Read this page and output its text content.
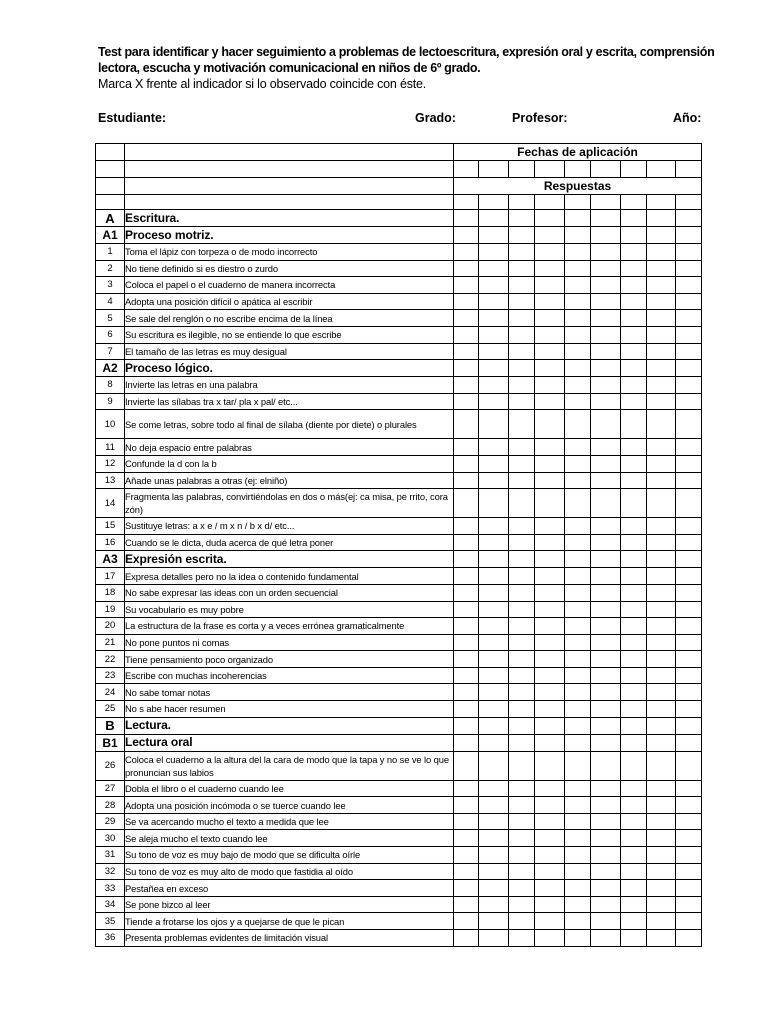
Test para identificar y hacer seguimiento a problemas de lectoescritura, expresión oral y escrita, comprensión lectora, escucha y motivación comunicacional en niños de 6º grado.
Marca X frente al indicador si lo observado coincide con éste.
Estudiante:	Grado:	Profesor:	Año:
		Fechas de aplicación								

		Respuestas								

A	Escritura.									
A1	Proceso motriz.									
1	Toma el lápiz con torpeza o de modo incorrecto									
2	No tiene definido si es diestro o zurdo									
3	Coloca el papel o el cuaderno de manera incorrecta									
4	Adopta una posición difícil o apática al escribir									
5	Se sale del renglón o no escribe encima de la línea									
6	Su escritura es ilegible, no se entiende lo que escribe									
7	El tamaño de las letras es muy desigual									
A2	Proceso lógico.									
8	Invierte las letras en una palabra									
9	Invierte las sílabas tra x tar/ pla x pal/ etc...									
10	Se come letras, sobre todo al final de sílaba (diente por diete) o plurales									
11	No deja espacio entre palabras									
12	Confunde la d con la b									
13	Añade unas palabras a otras (ej: elniño)									
14	Fragmenta las palabras, convirtiéndolas en dos o más(ej: ca misa, pe rrito, cora zón)									
15	Sustituye letras: a x e / m x n / b x d/ etc...									
16	Cuando se le dicta, duda acerca de qué letra poner									
A3	Expresión escrita.									
17	Expresa detalles pero no la idea o contenido fundamental									
18	No sabe expresar las ideas con un orden secuencial									
19	Su vocabulario es muy pobre									
20	La estructura de la frase es corta y a veces errónea gramaticalmente									
21	No pone puntos ni comas									
22	Tiene pensamiento poco organizado									
23	Escribe con muchas incoherencias									
24	No sabe tomar notas									
25	No s abe hacer resumen									
B	Lectura.									
B1	Lectura oral									
26	Coloca el cuaderno a la altura del la cara de modo que la tapa y no se ve lo que pronuncian sus labios									
27	Dobla el libro o el cuaderno cuando lee									
28	Adopta una posición incómoda o se tuerce cuando lee									
29	Se va acercando mucho el texto a medida que lee									
30	Se aleja mucho el texto cuando lee									
31	Su tono de voz es muy bajo de modo que se dificulta oírle									
32	Su tono de voz es muy alto de modo que fastidia al oído									
33	Pestañea en exceso									
34	Se pone bizco al leer									
35	Tiende a frotarse los ojos y a quejarse de que le pican									
36	Presenta problemas evidentes de limitación visual									
